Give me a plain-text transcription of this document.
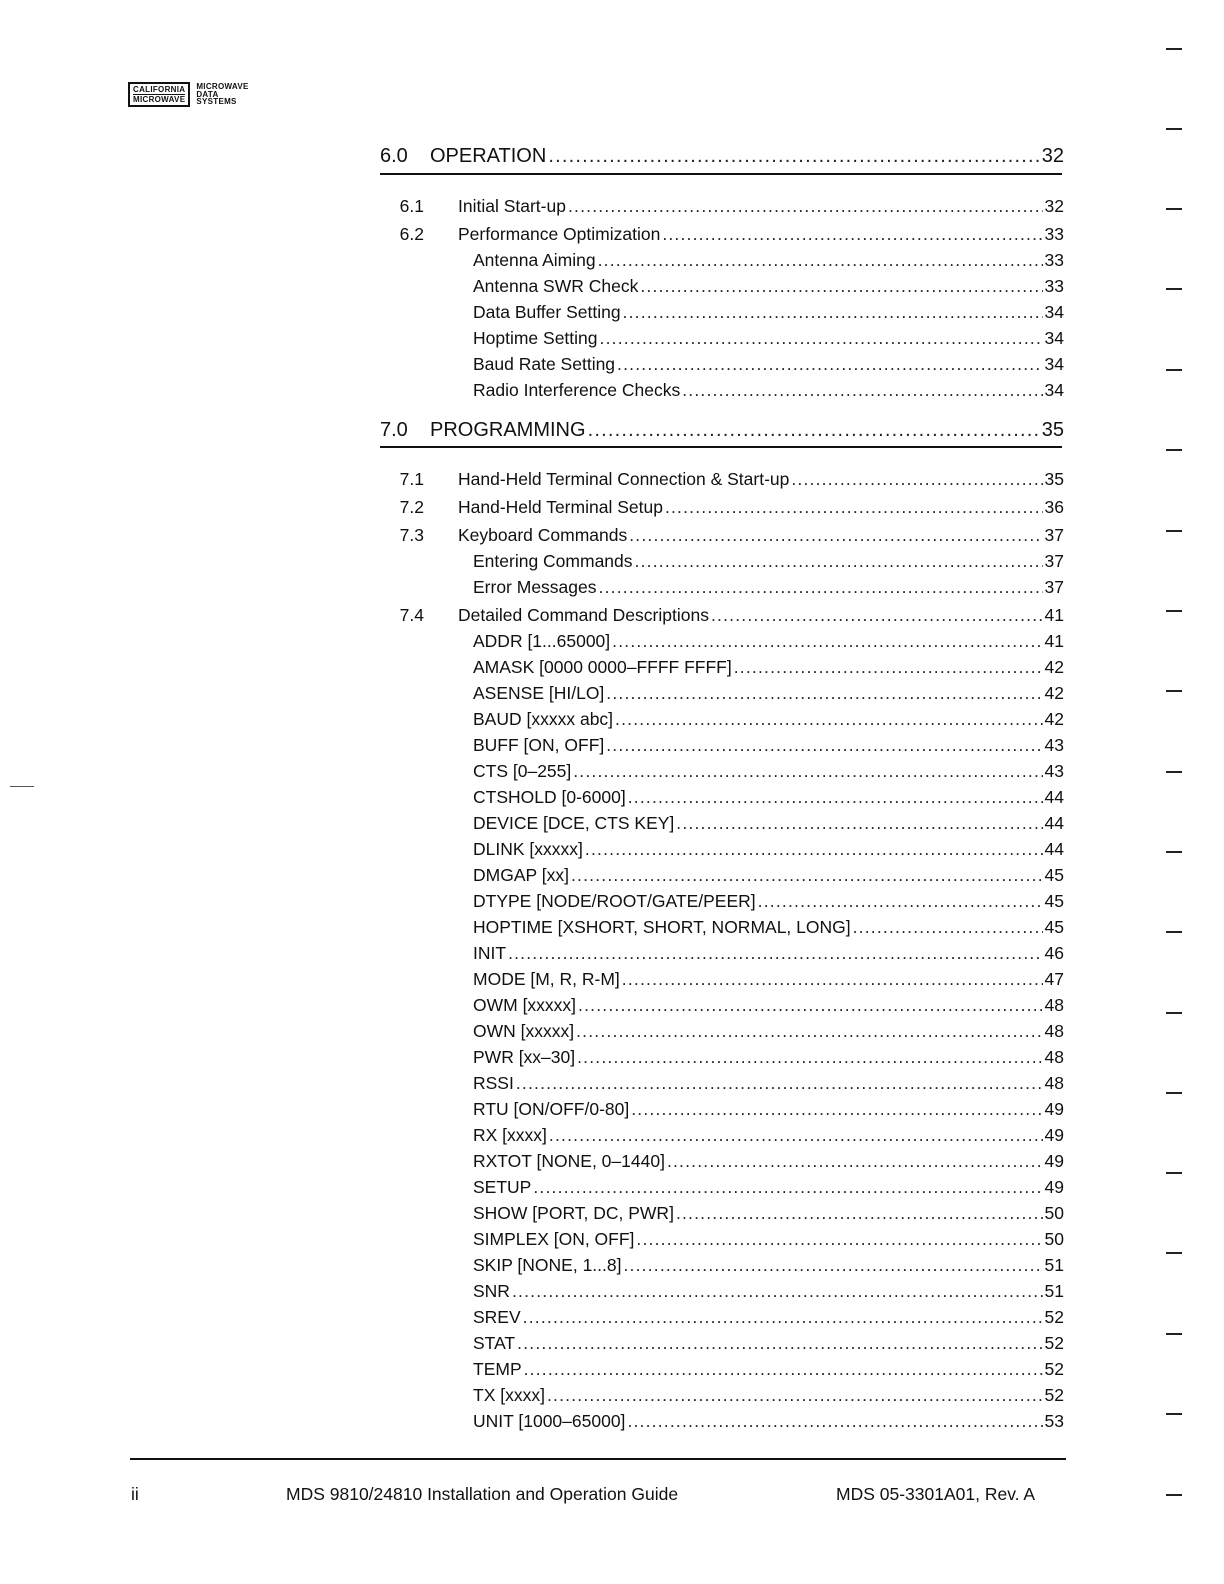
CALIFORNIA
MICROWAVE
MICROWAVE
DATA
SYSTEMS
6.0 OPERATION .....	32
6.1 Initial Start-up .....	32
6.2 Performance Optimization .....	33
Antenna Aiming .....	33
Antenna SWR Check .....	33
Data Buffer Setting .....	34
Hoptime Setting .....	34
Baud Rate Setting .....	34
Radio Interference Checks .....	34
7.0 PROGRAMMING .....	35
7.1 Hand-Held Terminal Connection & Start-up .....	35
7.2 Hand-Held Terminal Setup .....	36
7.3 Keyboard Commands .....	37
Entering Commands .....	37
Error Messages .....	37
7.4 Detailed Command Descriptions .....	41
ADDR [1...65000] .....	41
AMASK [0000 0000–FFFF FFFF] .....	42
ASENSE [HI/LO] .....	42
BAUD [xxxxx abc] .....	42
BUFF [ON, OFF] .....	43
CTS [0–255] .....	43
CTSHOLD [0-6000] .....	44
DEVICE [DCE, CTS KEY] .....	44
DLINK [xxxxx] .....	44
DMGAP [xx] .....	45
DTYPE [NODE/ROOT/GATE/PEER] .....	45
HOPTIME [XSHORT, SHORT, NORMAL, LONG] .....	45
INIT .....	46
MODE [M, R, R-M] .....	47
OWM [xxxxx] .....	48
OWN [xxxxx] .....	48
PWR [xx–30] .....	48
RSSI .....	48
RTU [ON/OFF/0-80] .....	49
RX [xxxx] .....	49
RXTOT [NONE, 0–1440] .....	49
SETUP .....	49
SHOW [PORT, DC, PWR] .....	50
SIMPLEX [ON, OFF] .....	50
SKIP [NONE, 1...8] .....	51
SNR .....	51
SREV .....	52
STAT .....	52
TEMP .....	52
TX [xxxx] .....	52
UNIT [1000–65000] .....	53
ii	MDS 9810/24810 Installation and Operation Guide	MDS 05-3301A01, Rev. A
